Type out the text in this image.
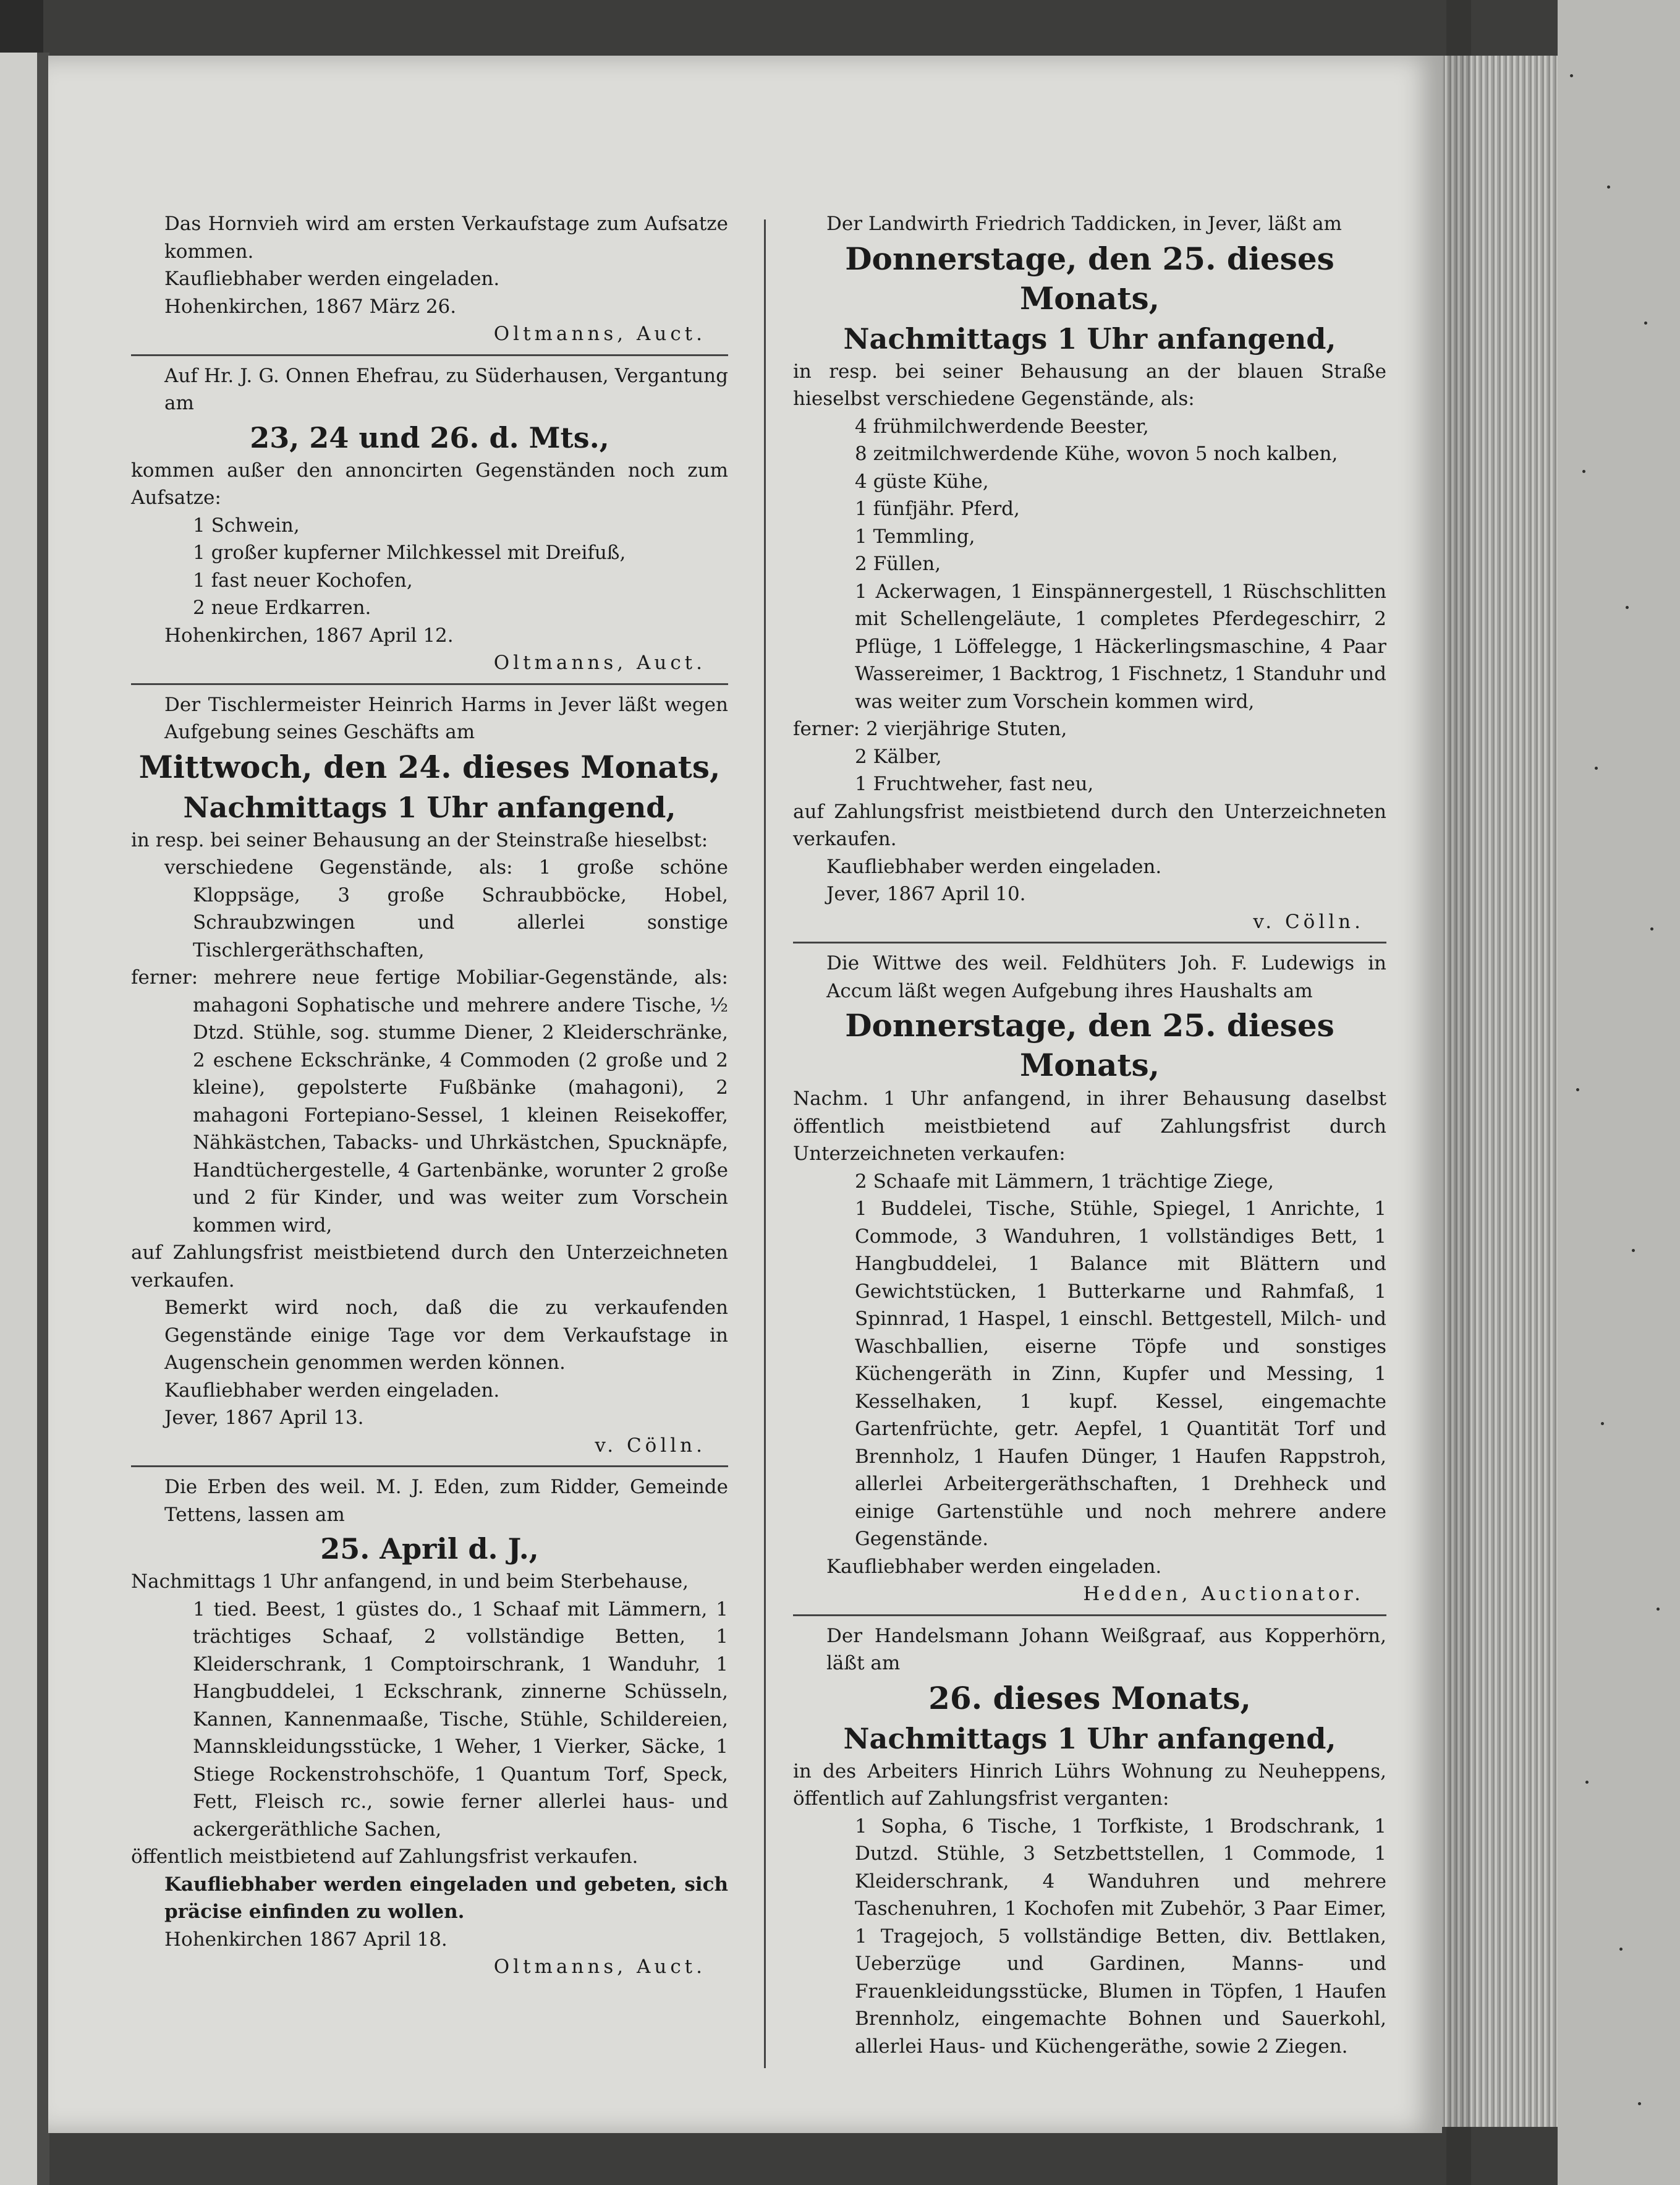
Das Hornvieh wird am ersten Verkaufstage zum Aufsatze kommen.

Kaufliebhaber werden eingeladen.

Hohenkirchen, 1867 März 26.

Oltmanns, Auct.

Auf Hr. J. G. Onnen Ehefrau, zu Süderhausen, Vergantung am

23, 24 und 26. d. Mts.,

kommen außer den annoncirten Gegenständen noch zum Aufsatze:

1 Schwein,

1 großer kupferner Milchkessel mit Dreifuß,

1 fast neuer Kochofen,

2 neue Erdkarren.

Hohenkirchen, 1867 April 12.

Oltmanns, Auct.

Der Tischlermeister Heinrich Harms in Jever läßt wegen Aufgebung seines Geschäfts am

Mittwoch, den 24. dieses Monats,

Nachmittags 1 Uhr anfangend,

in resp. bei seiner Behausung an der Steinstraße hieselbst:

verschiedene Gegenstände, als: 1 große schöne Kloppsäge, 3 große Schraubböcke, Hobel, Schraubzwingen und allerlei sonstige Tischlergeräthschaften,

ferner: mehrere neue fertige Mobiliar-Gegenstände, als: mahagoni Sophatische und mehrere andere Tische, ½ Dtzd. Stühle, sog. stumme Diener, 2 Kleiderschränke, 2 eschene Eckschränke, 4 Commoden (2 große und 2 kleine), gepolsterte Fußbänke (mahagoni), 2 mahagoni Fortepiano-Sessel, 1 kleinen Reisekoffer, Nähkästchen, Tabacks- und Uhrkästchen, Spucknäpfe, Handtüchergestelle, 4 Gartenbänke, worunter 2 große und 2 für Kinder, und was weiter zum Vorschein kommen wird,

auf Zahlungsfrist meistbietend durch den Unterzeichneten verkaufen.

Bemerkt wird noch, daß die zu verkaufenden Gegenstände einige Tage vor dem Verkaufstage in Augenschein genommen werden können.

Kaufliebhaber werden eingeladen.

Jever, 1867 April 13.

v. Cölln.

Die Erben des weil. M. J. Eden, zum Ridder, Gemeinde Tettens, lassen am

25. April d. J.,

Nachmittags 1 Uhr anfangend, in und beim Sterbehause,

1 tied. Beest, 1 güstes do., 1 Schaaf mit Lämmern, 1 trächtiges Schaaf, 2 vollständige Betten, 1 Kleiderschrank, 1 Comptoirschrank, 1 Wanduhr, 1 Hangbuddelei, 1 Eckschrank, zinnerne Schüsseln, Kannen, Kannenmaaße, Tische, Stühle, Schildereien, Mannskleidungsstücke, 1 Weher, 1 Vierker, Säcke, 1 Stiege Rockenstrohschöfe, 1 Quantum Torf, Speck, Fett, Fleisch rc., sowie ferner allerlei haus- und ackergeräthliche Sachen,

öffentlich meistbietend auf Zahlungsfrist verkaufen.

Kaufliebhaber werden eingeladen und gebeten, sich präcise einfinden zu wollen.

Hohenkirchen 1867 April 18.

Oltmanns, Auct.

Der Landwirth Friedrich Taddicken, in Jever, läßt am

Donnerstage, den 25. dieses Monats,

Nachmittags 1 Uhr anfangend,

in resp. bei seiner Behausung an der blauen Straße hieselbst verschiedene Gegenstände, als:

4 frühmilchwerdende Beester,

8 zeitmilchwerdende Kühe, wovon 5 noch kalben,

4 güste Kühe,

1 fünfjähr. Pferd,

1 Temmling,

2 Füllen,

1 Ackerwagen, 1 Einspännergestell, 1 Rüschschlitten mit Schellengeläute, 1 completes Pferdegeschirr, 2 Pflüge, 1 Löffelegge, 1 Häckerlingsmaschine, 4 Paar Wassereimer, 1 Backtrog, 1 Fischnetz, 1 Standuhr und was weiter zum Vorschein kommen wird,

ferner: 2 vierjährige Stuten,

2 Kälber,

1 Fruchtweher, fast neu,

auf Zahlungsfrist meistbietend durch den Unterzeichneten verkaufen.

Kaufliebhaber werden eingeladen.

Jever, 1867 April 10.

v. Cölln.

Die Wittwe des weil. Feldhüters Joh. F. Ludewigs in Accum läßt wegen Aufgebung ihres Haushalts am

Donnerstage, den 25. dieses Monats,

Nachm. 1 Uhr anfangend, in ihrer Behausung daselbst öffentlich meistbietend auf Zahlungsfrist durch Unterzeichneten verkaufen:

2 Schaafe mit Lämmern, 1 trächtige Ziege,

1 Buddelei, Tische, Stühle, Spiegel, 1 Anrichte, 1 Commode, 3 Wanduhren, 1 vollständiges Bett, 1 Hangbuddelei, 1 Balance mit Blättern und Gewichtstücken, 1 Butterkarne und Rahmfaß, 1 Spinnrad, 1 Haspel, 1 einschl. Bettgestell, Milch- und Waschballien, eiserne Töpfe und sonstiges Küchengeräth in Zinn, Kupfer und Messing, 1 Kesselhaken, 1 kupf. Kessel, eingemachte Gartenfrüchte, getr. Aepfel, 1 Quantität Torf und Brennholz, 1 Haufen Dünger, 1 Haufen Rappstroh, allerlei Arbeitergeräthschaften, 1 Drehheck und einige Gartenstühle und noch mehrere andere Gegenstände.

Kaufliebhaber werden eingeladen.

Hedden, Auctionator.

Der Handelsmann Johann Weißgraaf, aus Kopperhörn, läßt am

26. dieses Monats,

Nachmittags 1 Uhr anfangend,

in des Arbeiters Hinrich Lührs Wohnung zu Neuheppens, öffentlich auf Zahlungsfrist verganten:

1 Sopha, 6 Tische, 1 Torfkiste, 1 Brodschrank, 1 Dutzd. Stühle, 3 Setzbettstellen, 1 Commode, 1 Kleiderschrank, 4 Wanduhren und mehrere Taschenuhren, 1 Kochofen mit Zubehör, 3 Paar Eimer, 1 Tragejoch, 5 vollständige Betten, div. Bettlaken, Ueberzüge und Gardinen, Manns- und Frauenkleidungsstücke, Blumen in Töpfen, 1 Haufen Brennholz, eingemachte Bohnen und Sauerkohl, allerlei Haus- und Küchengeräthe, sowie 2 Ziegen.
